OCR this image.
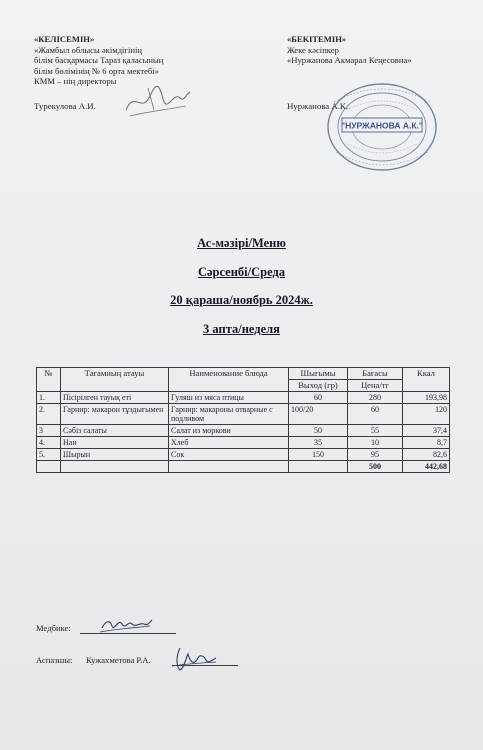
«КЕЛІСЕМІН»
«Жамбыл облысы әкімдігінің
білім басқармасы Тараз қаласының
білім бөлімінің № 6 орта мектебі»
КММ – нің директоры
Турекулова А.И.
«БЕКІТЕМІН»
Жеке кәсіпкер
«Нуржанова Акмарал Кеңесовна»
Нуржанова А.К.
"НУРЖАНОВА А.К."
Ас-мәзірі/Меню
Сәрсенбі/Среда
20 қараша/ноябрь 2024ж.
3 апта/неделя
№	Тағамның атауы	Наименование блюда	Шығымы	Бағасы	Ккал
			Выход (гр)	Цена/тг	
1.	Пісірілген тауық еті	Гуляш из мяса птицы	60	280	193,98
2.	Гарнир: макарон тұздығымен	Гарнир: макароны отварные с подливом	100/20	60	120
3	Сәбіз салаты	Салат из моркови	50	55	37,4
4.	Нан	Хлеб	35	10	8,7
5.	Шырын	Сок	150	95	82,6
				500	442,68
Медбике:
Аспазшы: Кужахметова Р.А.
